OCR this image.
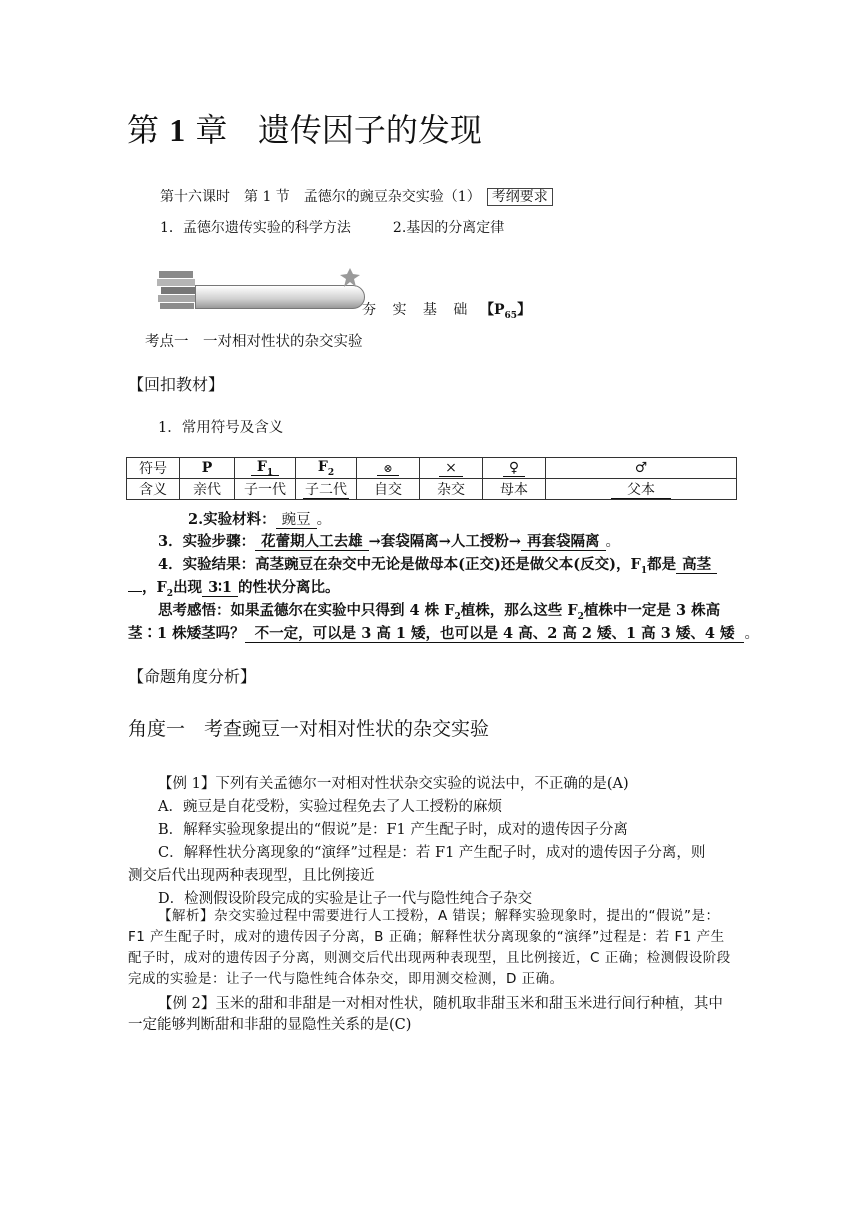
第 1 章 遗传因子的发现
第十六课时　第 1 节　孟德尔的豌豆杂交实验（1） 考纲要求
1．孟德尔遗传实验的科学方法　　　2.基因的分离定律
夯 实 基 础 【$P_{65}$】
考点一　一对相对性状的杂交实验
【回扣教材】
1．常用符号及含义
符号	P	$F_1$	$F_2$	⊗	×	♀	♂
含义	亲代	子一代	子二代	自交	杂交	母本	父本
2.实验材料： 豌豆 。
3．实验步骤： 花蕾期人工去雄 →套袋隔离→人工授粉→ 再套袋隔离 。
4．实验结果：高茎豌豆在杂交中无论是做母本(正交)还是做父本(反交)，$F_1$都是 高茎
，$F_2$出现 3∶1 的性状分离比。
思考感悟：如果孟德尔在实验中只得到 4 株 $F_2$植株，那么这些 $F_2$植株中一定是 3 株高
茎∶1 株矮茎吗？ 不一定，可以是 3 高 1 矮，也可以是 4 高、2 高 2 矮、1 高 3 矮、4 矮 。
【命题角度分析】
角度一　考查豌豆一对相对性状的杂交实验
【例 1】下列有关孟德尔一对相对性状杂交实验的说法中，不正确的是(A)
A．豌豆是自花受粉，实验过程免去了人工授粉的麻烦
B．解释实验现象提出的“假说”是：F1 产生配子时，成对的遗传因子分离
C．解释性状分离现象的“演绎”过程是：若 F1 产生配子时，成对的遗传因子分离，则
测交后代出现两种表现型，且比例接近
D．检测假设阶段完成的实验是让子一代与隐性纯合子杂交
【解析】杂交实验过程中需要进行人工授粉，A 错误；解释实验现象时，提出的“假说”是：F1 产生配子时，成对的遗传因子分离，B 正确；解释性状分离现象的“演绎”过程是：若 F1 产生配子时，成对的遗传因子分离，则测交后代出现两种表现型，且比例接近，C 正确；检测假设阶段完成的实验是：让子一代与隐性纯合体杂交，即用测交检测，D 正确。
【例 2】玉米的甜和非甜是一对相对性状，随机取非甜玉米和甜玉米进行间行种植，其中一定能够判断甜和非甜的显隐性关系的是(C)
